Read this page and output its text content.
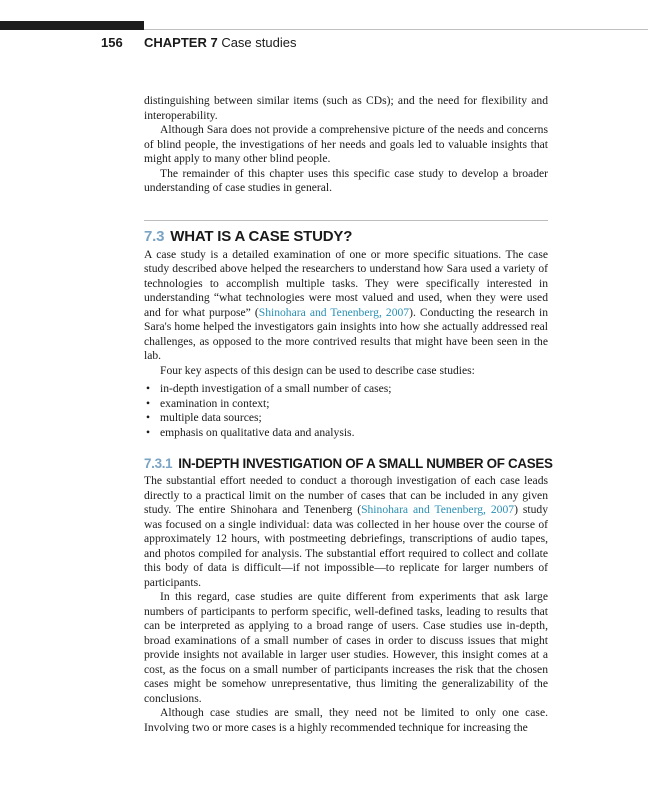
156 CHAPTER 7 Case studies

distinguishing between similar items (such as CDs); and the need for flexibility and interoperability.

Although Sara does not provide a comprehensive picture of the needs and concerns of blind people, the investigations of her needs and goals led to valuable insights that might apply to many other blind people.

The remainder of this chapter uses this specific case study to develop a broader understanding of case studies in general.

7.3 WHAT IS A CASE STUDY?

A case study is a detailed examination of one or more specific situations. The case study described above helped the researchers to understand how Sara used a variety of technologies to accomplish multiple tasks. They were specifically interested in understanding “what technologies were most valued and used, when they were used and for what purpose” (Shinohara and Tenenberg, 2007). Conducting the research in Sara's home helped the investigators gain insights into how she actually addressed real challenges, as opposed to the more contrived results that might have been seen in the lab.

Four key aspects of this design can be used to describe case studies:

• in-depth investigation of a small number of cases;
• examination in context;
• multiple data sources;
• emphasis on qualitative data and analysis.
7.3.1 IN-DEPTH INVESTIGATION OF A SMALL NUMBER OF CASES

The substantial effort needed to conduct a thorough investigation of each case leads directly to a practical limit on the number of cases that can be included in any given study. The entire Shinohara and Tenenberg (Shinohara and Tenenberg, 2007) study was focused on a single individual: data was collected in her house over the course of approximately 12 hours, with postmeeting debriefings, transcriptions of audio tapes, and photos compiled for analysis. The substantial effort required to collect and collate this body of data is difficult—if not impossible—to replicate for larger numbers of participants.

In this regard, case studies are quite different from experiments that ask large numbers of participants to perform specific, well-defined tasks, leading to results that can be interpreted as applying to a broad range of users. Case studies use in-depth, broad examinations of a small number of cases in order to discuss issues that might provide insights not available in larger user studies. However, this insight comes at a cost, as the focus on a small number of participants increases the risk that the chosen cases might be somehow unrepresentative, thus limiting the generalizability of the conclusions.

Although case studies are small, they need not be limited to only one case. Involving two or more cases is a highly recommended technique for increasing the
